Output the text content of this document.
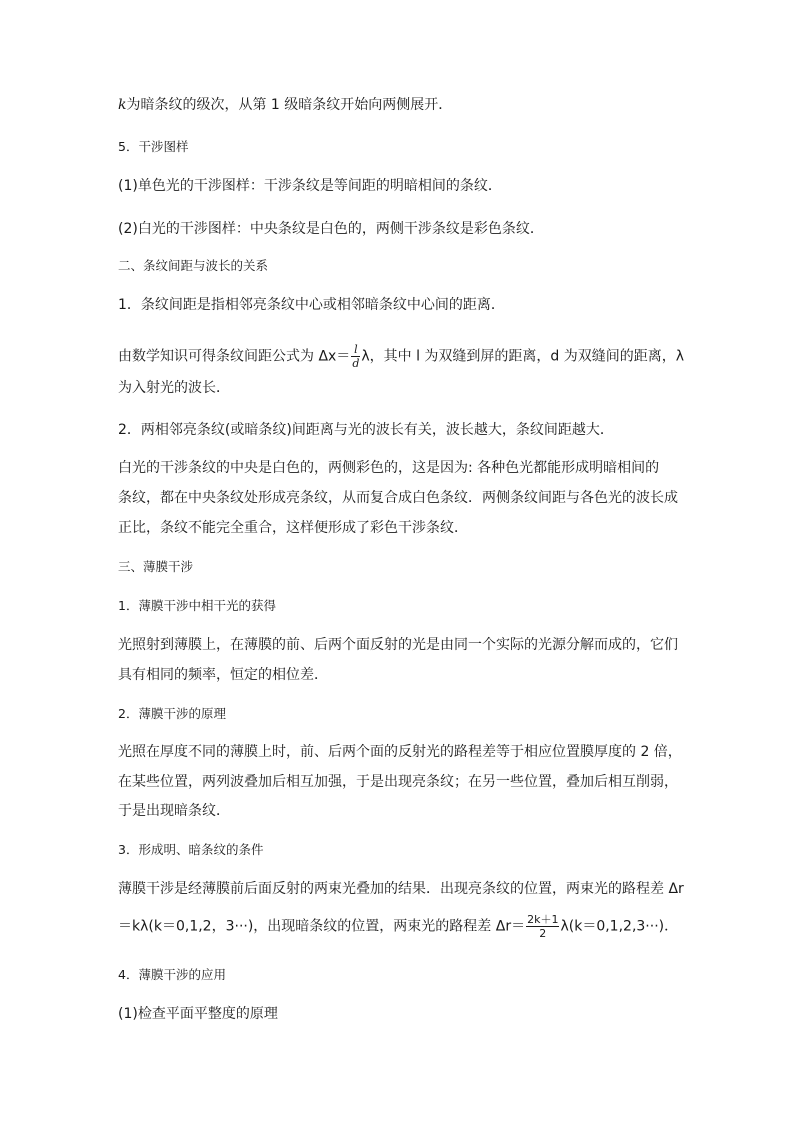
k为暗条纹的级次，从第 1 级暗条纹开始向两侧展开．
5．干涉图样
(1)单色光的干涉图样：干涉条纹是等间距的明暗相间的条纹．
(2)白光的干涉图样：中央条纹是白色的，两侧干涉条纹是彩色条纹．
二、条纹间距与波长的关系
1．条纹间距是指相邻亮条纹中心或相邻暗条纹中心间的距离．
由数学知识可得条纹间距公式为 $\Delta x= \frac{l}{d}$ λ，其中 l 为双缝到屏的距离，d 为双缝间的距离，λ
为入射光的波长．
2．两相邻亮条纹(或暗条纹)间距离与光的波长有关，波长越大，条纹间距越大．
白光的干涉条纹的中央是白色的，两侧彩色的，这是因为: 各种色光都能形成明暗相间的
条纹，都在中央条纹处形成亮条纹，从而复合成白色条纹．两侧条纹间距与各色光的波长成
正比，条纹不能完全重合，这样便形成了彩色干涉条纹．
三、薄膜干涉
1．薄膜干涉中相干光的获得
光照射到薄膜上，在薄膜的前、后两个面反射的光是由同一个实际的光源分解而成的，它们
具有相同的频率，恒定的相位差．
2．薄膜干涉的原理
光照在厚度不同的薄膜上时，前、后两个面的反射光的路程差等于相应位置膜厚度的 2 倍，
在某些位置，两列波叠加后相互加强，于是出现亮条纹；在另一些位置，叠加后相互削弱，
于是出现暗条纹．
3．形成明、暗条纹的条件
薄膜干涉是经薄膜前后面反射的两束光叠加的结果．出现亮条纹的位置，两束光的路程差 Δr
＝kλ(k＝0,1,2，3···)，出现暗条纹的位置，两束光的路程差 $\Delta r= \frac{2k+1}{2} \lambda(k=0,1,2,3\cdot\cdot\cdot)$．
4．薄膜干涉的应用
(1)检查平面平整度的原理
